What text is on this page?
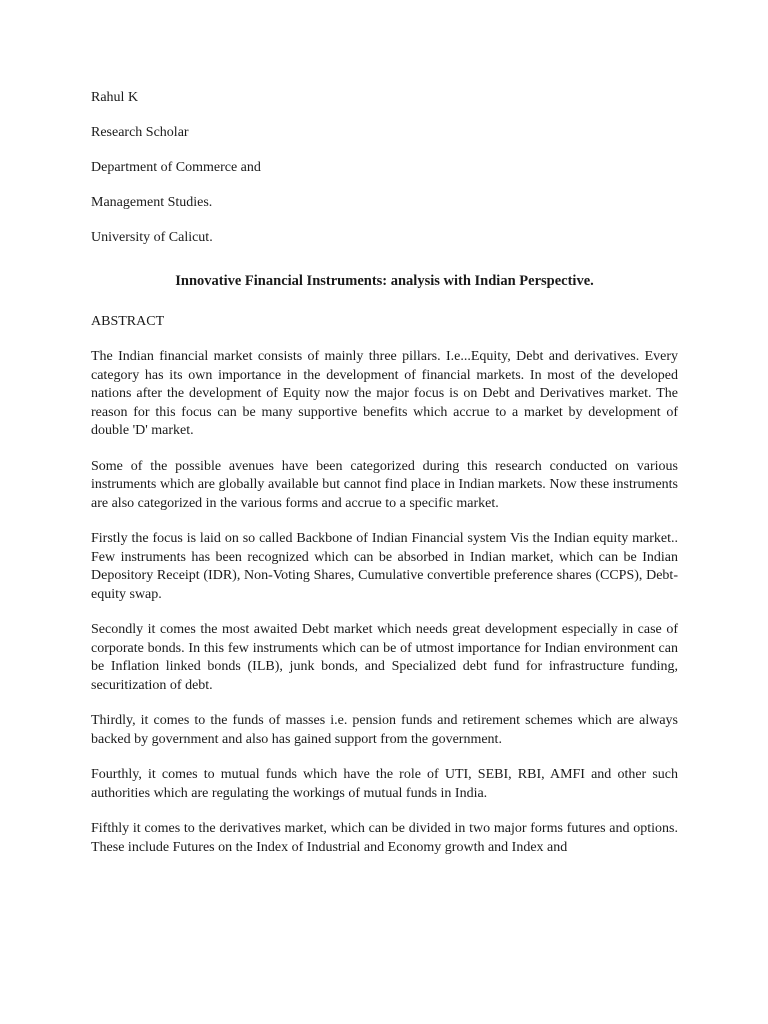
Rahul K

Research Scholar

Department of Commerce and

Management Studies.

University of Calicut.

Innovative Financial Instruments: analysis with Indian Perspective.

ABSTRACT

The Indian financial market consists of mainly three pillars. I.e...Equity, Debt and derivatives. Every category has its own importance in the development of financial markets. In most of the developed nations after the development of Equity now the major focus is on Debt and Derivatives market. The reason for this focus can be many supportive benefits which accrue to a market by development of double 'D' market.

Some of the possible avenues have been categorized during this research conducted on various instruments which are globally available but cannot find place in Indian markets. Now these instruments are also categorized in the various forms and accrue to a specific market.

Firstly the focus is laid on so called Backbone of Indian Financial system Vis the Indian equity market.. Few instruments has been recognized which can be absorbed in Indian market, which can be Indian Depository Receipt (IDR), Non-Voting Shares, Cumulative convertible preference shares (CCPS), Debt-equity swap.

Secondly it comes the most awaited Debt market which needs great development especially in case of corporate bonds. In this few instruments which can be of utmost importance for Indian environment can be Inflation linked bonds (ILB), junk bonds, and Specialized debt fund for infrastructure funding, securitization of debt.

Thirdly, it comes to the funds of masses i.e. pension funds and retirement schemes which are always backed by government and also has gained support from the government.

Fourthly, it comes to mutual funds which have the role of UTI, SEBI, RBI, AMFI and other such authorities which are regulating the workings of mutual funds in India.

Fifthly it comes to the derivatives market, which can be divided in two major forms futures and options. These include Futures on the Index of Industrial and Economy growth and Index and
